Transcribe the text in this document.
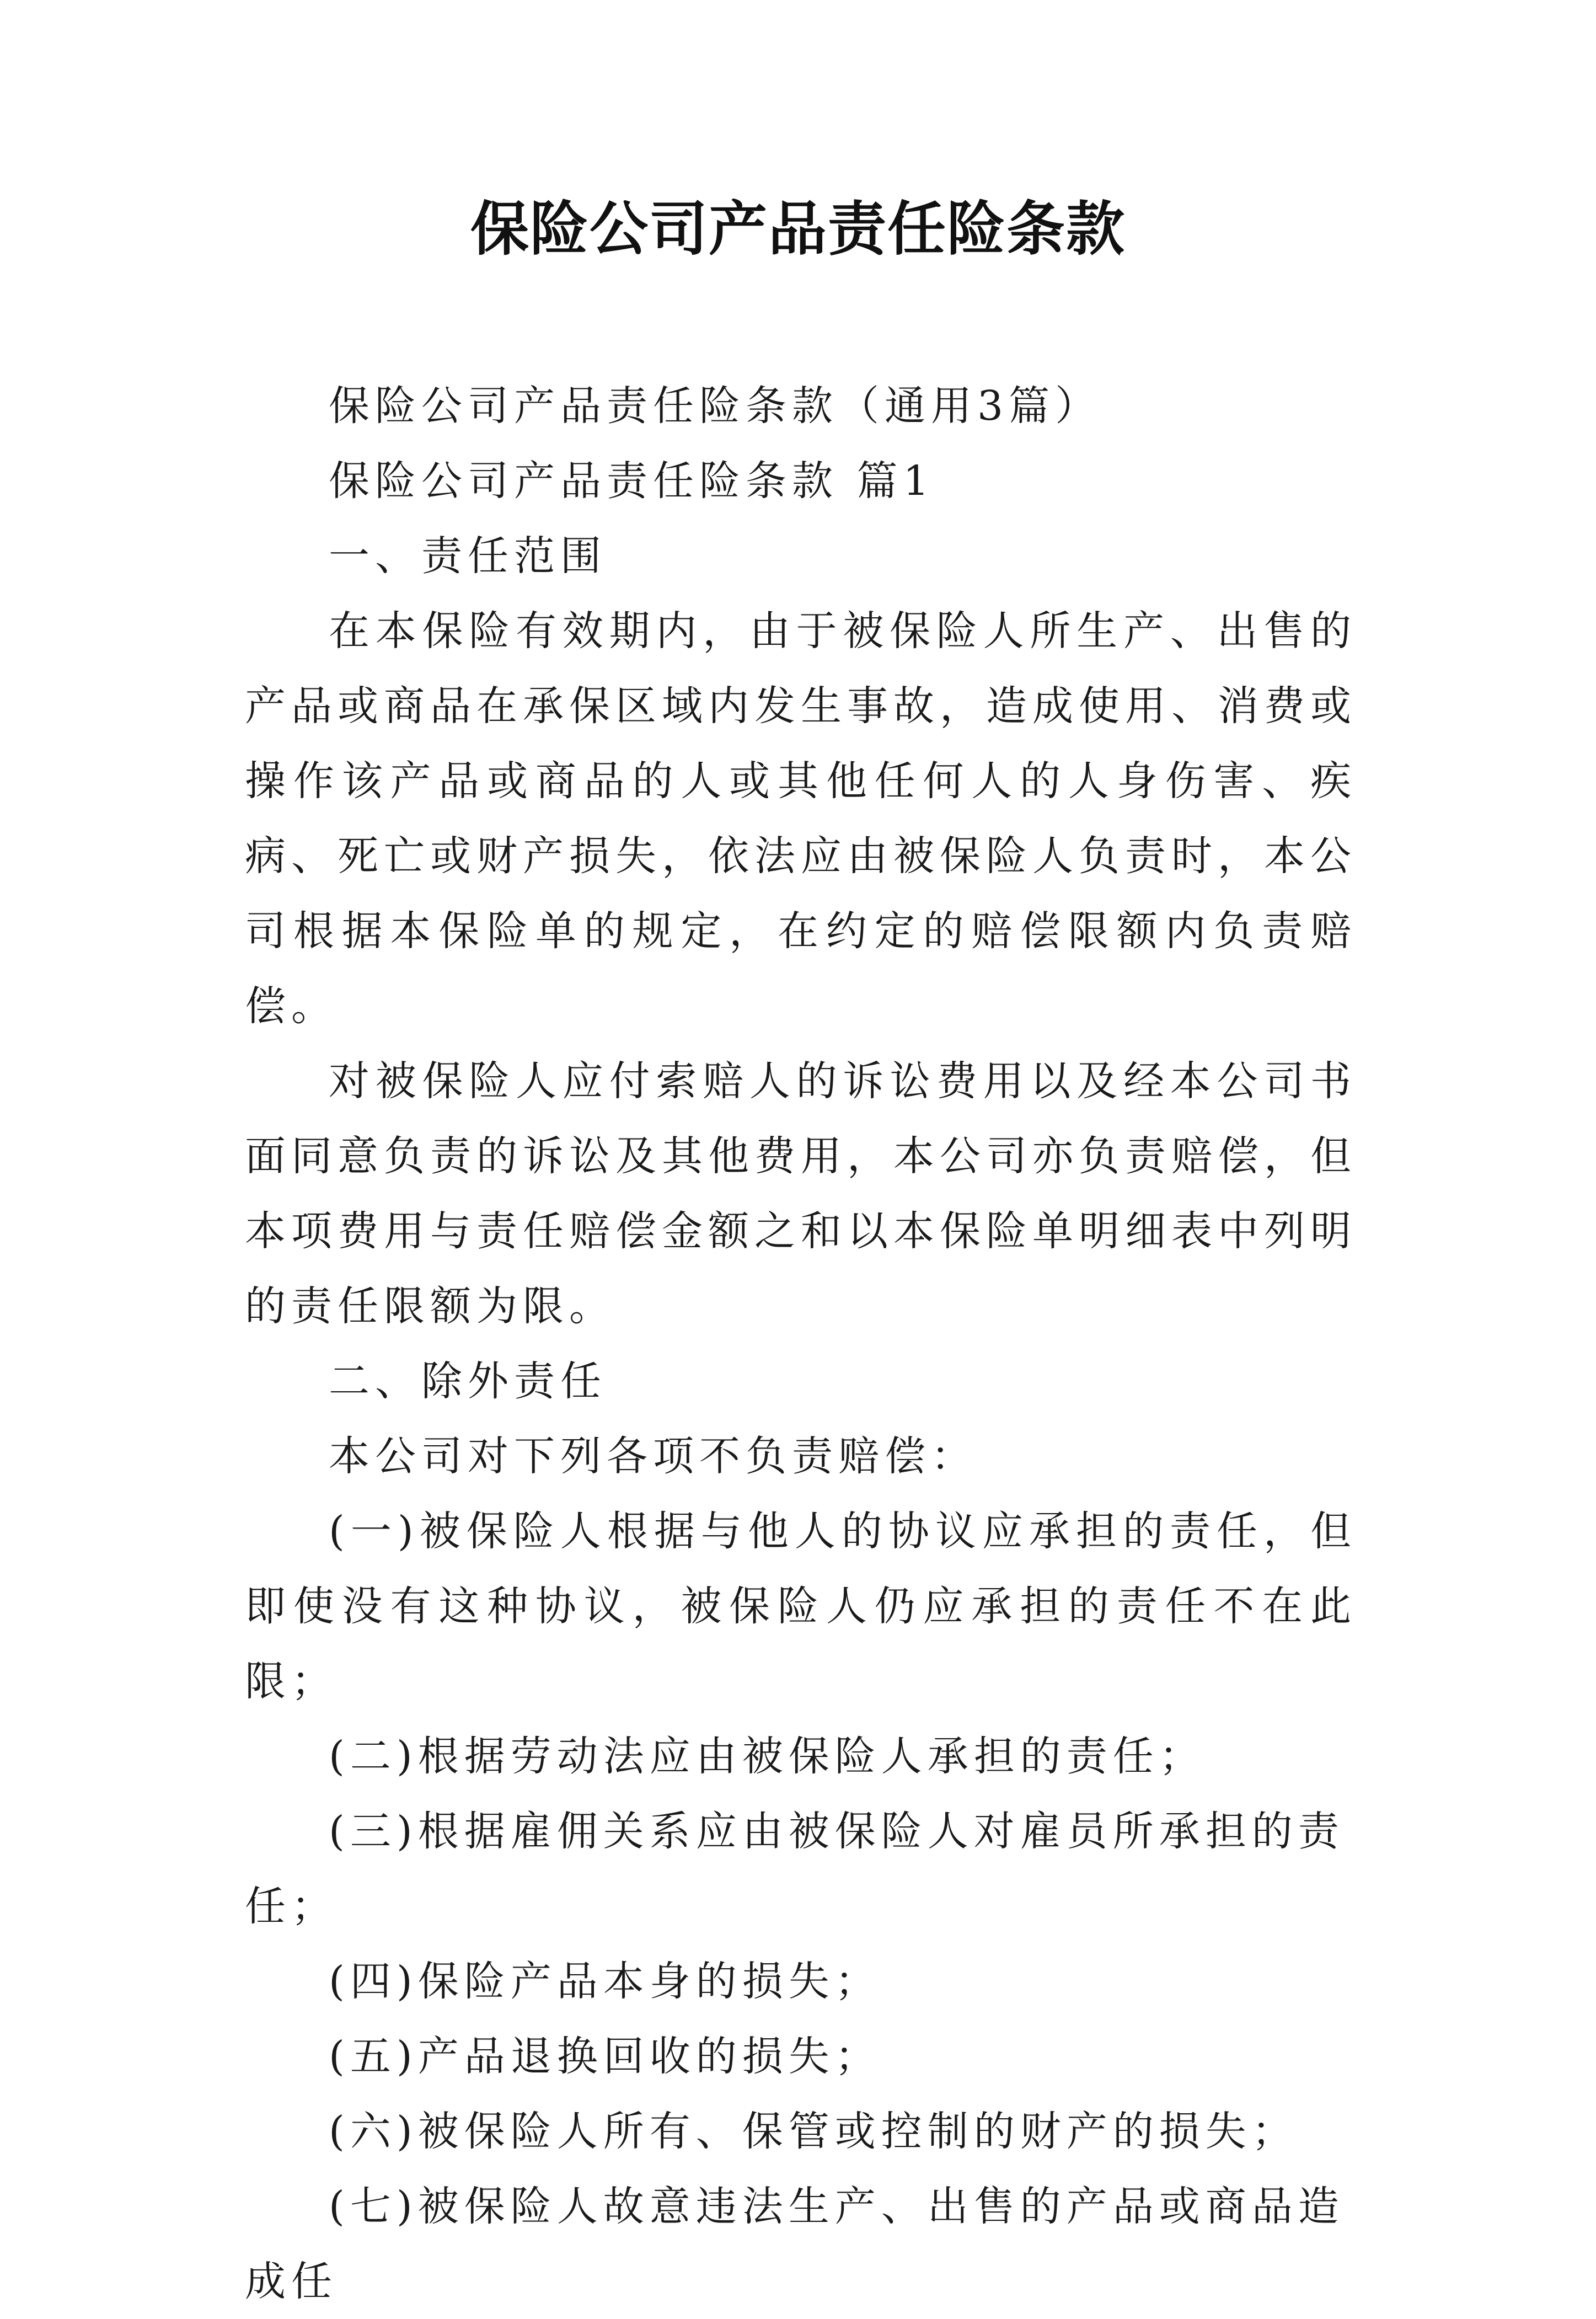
保险公司产品责任险条款

保险公司产品责任险条款（通用3篇）

保险公司产品责任险条款 篇1

一、责任范围

在本保险有效期内，由于被保险人所生产、出售的产品或商品在承保区域内发生事故，造成使用、消费或操作该产品或商品的人或其他任何人的人身伤害、疾病、死亡或财产损失，依法应由被保险人负责时，本公司根据本保险单的规定，在约定的赔偿限额内负责赔偿。

对被保险人应付索赔人的诉讼费用以及经本公司书面同意负责的诉讼及其他费用，本公司亦负责赔偿，但本项费用与责任赔偿金额之和以本保险单明细表中列明的责任限额为限。

二、除外责任

本公司对下列各项不负责赔偿：

(一)被保险人根据与他人的协议应承担的责任，但即使没有这种协议，被保险人仍应承担的责任不在此限；

(二)根据劳动法应由被保险人承担的责任；

(三)根据雇佣关系应由被保险人对雇员所承担的责任；

(四)保险产品本身的损失；

(五)产品退换回收的损失；

(六)被保险人所有、保管或控制的财产的损失；

(七)被保险人故意违法生产、出售的产品或商品造成任
